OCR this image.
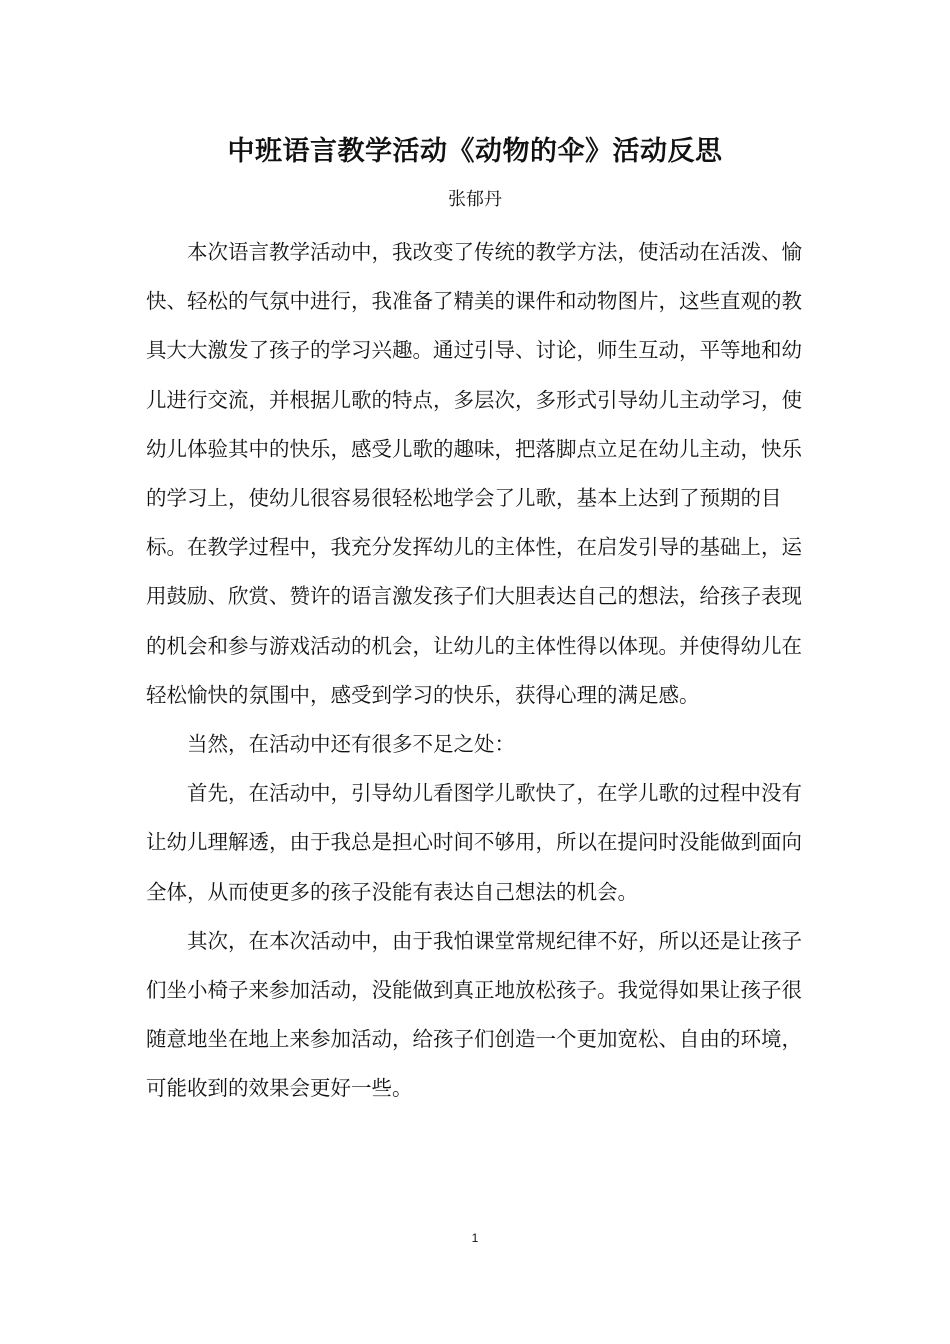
中班语言教学活动《动物的伞》活动反思

张郁丹

本次语言教学活动中，我改变了传统的教学方法，使活动在活泼、愉快、轻松的气氛中进行，我准备了精美的课件和动物图片，这些直观的教具大大激发了孩子的学习兴趣。通过引导、讨论，师生互动，平等地和幼儿进行交流，并根据儿歌的特点，多层次，多形式引导幼儿主动学习，使幼儿体验其中的快乐，感受儿歌的趣味，把落脚点立足在幼儿主动，快乐的学习上，使幼儿很容易很轻松地学会了儿歌，基本上达到了预期的目标。在教学过程中，我充分发挥幼儿的主体性，在启发引导的基础上，运用鼓励、欣赏、赞许的语言激发孩子们大胆表达自己的想法，给孩子表现的机会和参与游戏活动的机会，让幼儿的主体性得以体现。并使得幼儿在轻松愉快的氛围中，感受到学习的快乐，获得心理的满足感。

当然，在活动中还有很多不足之处：

首先，在活动中，引导幼儿看图学儿歌快了，在学儿歌的过程中没有让幼儿理解透，由于我总是担心时间不够用，所以在提问时没能做到面向全体，从而使更多的孩子没能有表达自己想法的机会。

其次，在本次活动中，由于我怕课堂常规纪律不好，所以还是让孩子们坐小椅子来参加活动，没能做到真正地放松孩子。我觉得如果让孩子很随意地坐在地上来参加活动，给孩子们创造一个更加宽松、自由的环境，可能收到的效果会更好一些。

1
